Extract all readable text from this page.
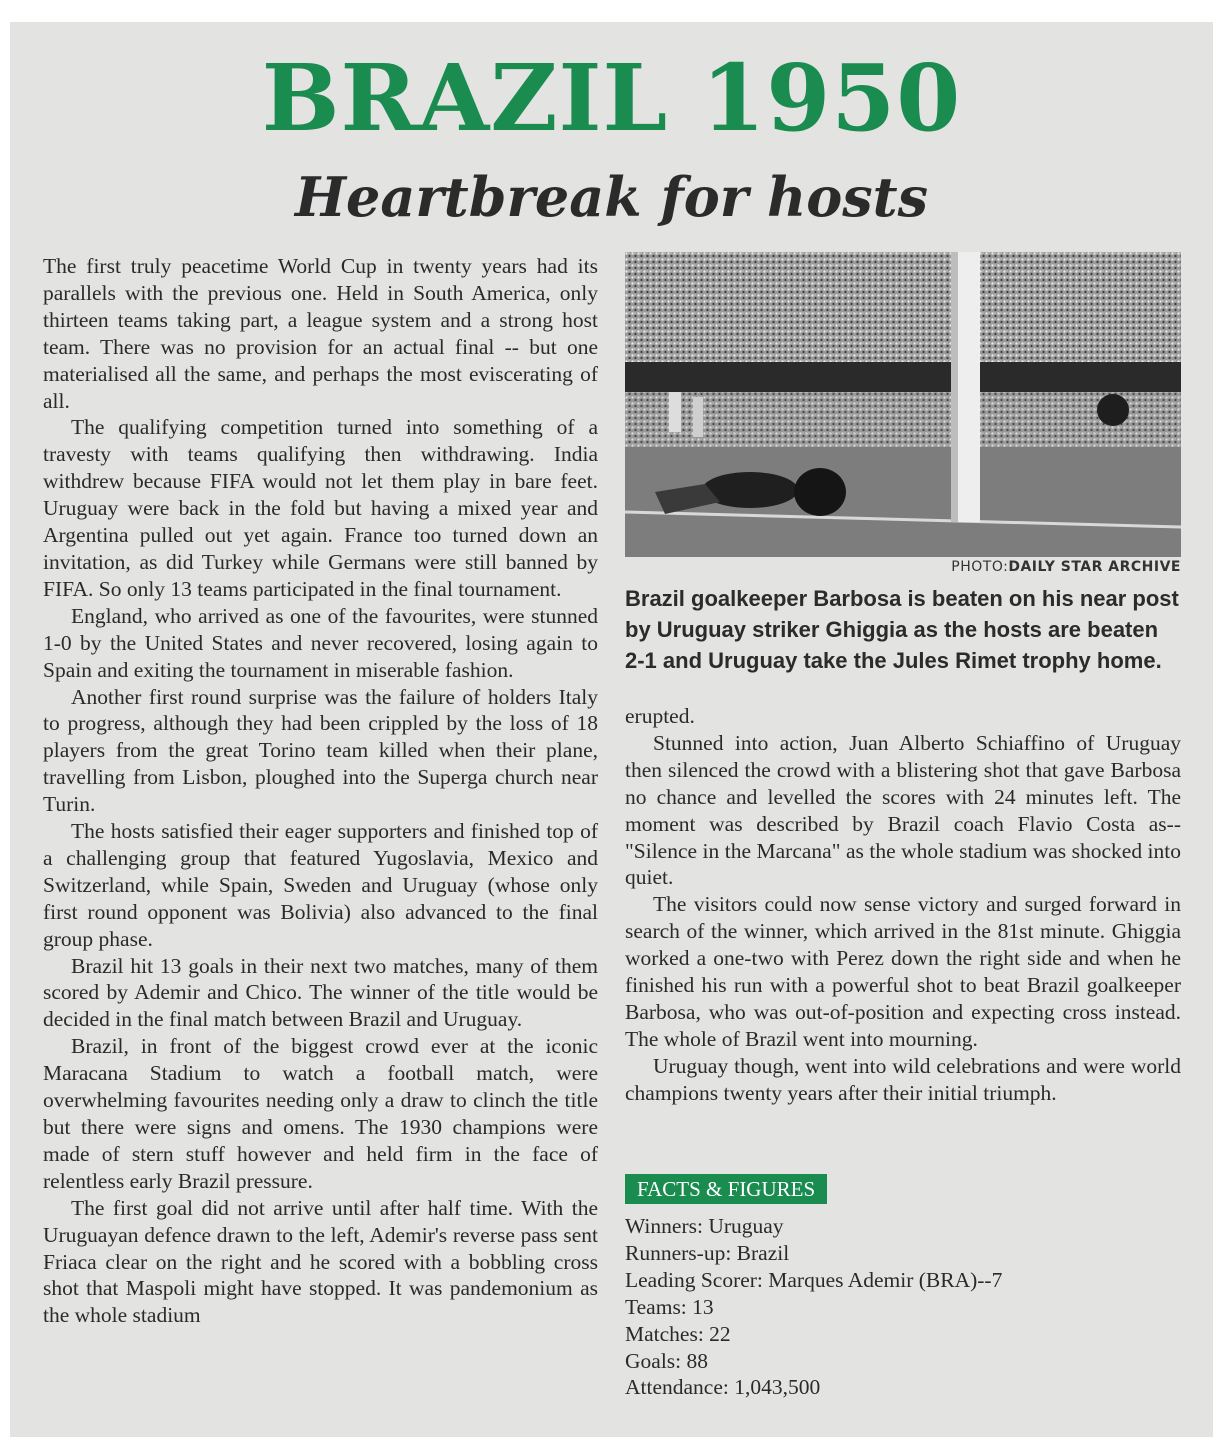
BRAZIL 1950
Heartbreak for hosts

The first truly peacetime World Cup in twenty years had its parallels with the previous one. Held in South America, only thirteen teams taking part, a league system and a strong host team. There was no provision for an actual final -- but one materialised all the same, and perhaps the most eviscerating of all.

The qualifying competition turned into something of a travesty with teams qualifying then withdrawing. India withdrew because FIFA would not let them play in bare feet. Uruguay were back in the fold but having a mixed year and Argentina pulled out yet again. France too turned down an invitation, as did Turkey while Germans were still banned by FIFA. So only 13 teams participated in the final tournament.

England, who arrived as one of the favourites, were stunned 1-0 by the United States and never recovered, losing again to Spain and exiting the tournament in miserable fashion.

Another first round surprise was the failure of holders Italy to progress, although they had been crippled by the loss of 18 players from the great Torino team killed when their plane, travelling from Lisbon, ploughed into the Superga church near Turin.

The hosts satisfied their eager supporters and finished top of a challenging group that featured Yugoslavia, Mexico and Switzerland, while Spain, Sweden and Uruguay (whose only first round opponent was Bolivia) also advanced to the final group phase.

Brazil hit 13 goals in their next two matches, many of them scored by Ademir and Chico. The winner of the title would be decided in the final match between Brazil and Uruguay.

Brazil, in front of the biggest crowd ever at the iconic Maracana Stadium to watch a football match, were overwhelming favourites needing only a draw to clinch the title but there were signs and omens. The 1930 champions were made of stern stuff however and held firm in the face of relentless early Brazil pressure.

The first goal did not arrive until after half time. With the Uruguayan defence drawn to the left, Ademir's reverse pass sent Friaca clear on the right and he scored with a bobbling cross shot that Maspoli might have stopped. It was pandemonium as the whole stadium

PHOTO:DAILY STAR ARCHIVE
Brazil goalkeeper Barbosa is beaten on his near post by Uruguay striker Ghiggia as the hosts are beaten 2-1 and Uruguay take the Jules Rimet trophy home.

erupted.

Stunned into action, Juan Alberto Schiaffino of Uruguay then silenced the crowd with a blistering shot that gave Barbosa no chance and levelled the scores with 24 minutes left. The moment was described by Brazil coach Flavio Costa as-- "Silence in the Marcana" as the whole stadium was shocked into quiet.

The visitors could now sense victory and surged forward in search of the winner, which arrived in the 81st minute. Ghiggia worked a one-two with Perez down the right side and when he finished his run with a powerful shot to beat Brazil goalkeeper Barbosa, who was out-of-position and expecting cross instead. The whole of Brazil went into mourning.

Uruguay though, went into wild celebrations and were world champions twenty years after their initial triumph.

FACTS & FIGURES
Winners: Uruguay
Runners-up: Brazil
Leading Scorer: Marques Ademir (BRA)--7
Teams: 13
Matches: 22
Goals: 88
Attendance: 1,043,500
